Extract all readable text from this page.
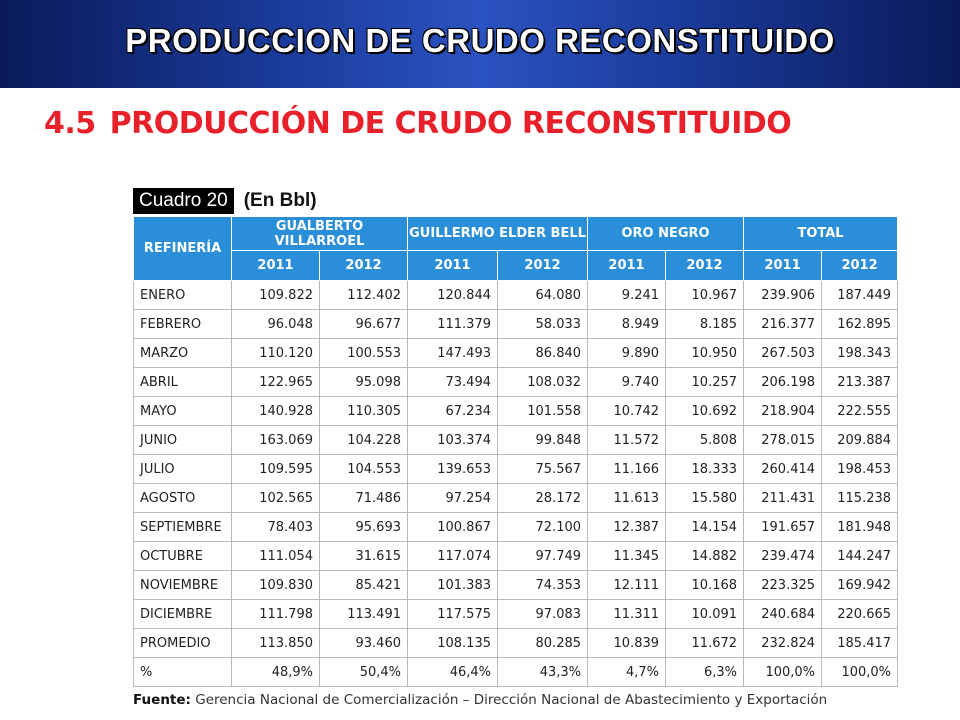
PRODUCCION DE CRUDO RECONSTITUIDO
4.5 PRODUCCIÓN DE CRUDO RECONSTITUIDO
Cuadro 20 (En Bbl)
REFINERÍA	GUALBERTO VILLARROEL		GUILLERMO ELDER BELL		ORO NEGRO		TOTAL	
	2011	2012	2011	2012	2011	2012	2011	2012
ENERO	109.822	112.402	120.844	64.080	9.241	10.967	239.906	187.449
FEBRERO	96.048	96.677	111.379	58.033	8.949	8.185	216.377	162.895
MARZO	110.120	100.553	147.493	86.840	9.890	10.950	267.503	198.343
ABRIL	122.965	95.098	73.494	108.032	9.740	10.257	206.198	213.387
MAYO	140.928	110.305	67.234	101.558	10.742	10.692	218.904	222.555
JUNIO	163.069	104.228	103.374	99.848	11.572	5.808	278.015	209.884
JULIO	109.595	104.553	139.653	75.567	11.166	18.333	260.414	198.453
AGOSTO	102.565	71.486	97.254	28.172	11.613	15.580	211.431	115.238
SEPTIEMBRE	78.403	95.693	100.867	72.100	12.387	14.154	191.657	181.948
OCTUBRE	111.054	31.615	117.074	97.749	11.345	14.882	239.474	144.247
NOVIEMBRE	109.830	85.421	101.383	74.353	12.111	10.168	223.325	169.942
DICIEMBRE	111.798	113.491	117.575	97.083	11.311	10.091	240.684	220.665
PROMEDIO	113.850	93.460	108.135	80.285	10.839	11.672	232.824	185.417
%	48,9%	50,4%	46,4%	43,3%	4,7%	6,3%	100,0%	100,0%
Fuente: Gerencia Nacional de Comercialización – Dirección Nacional de Abastecimiento y Exportación
